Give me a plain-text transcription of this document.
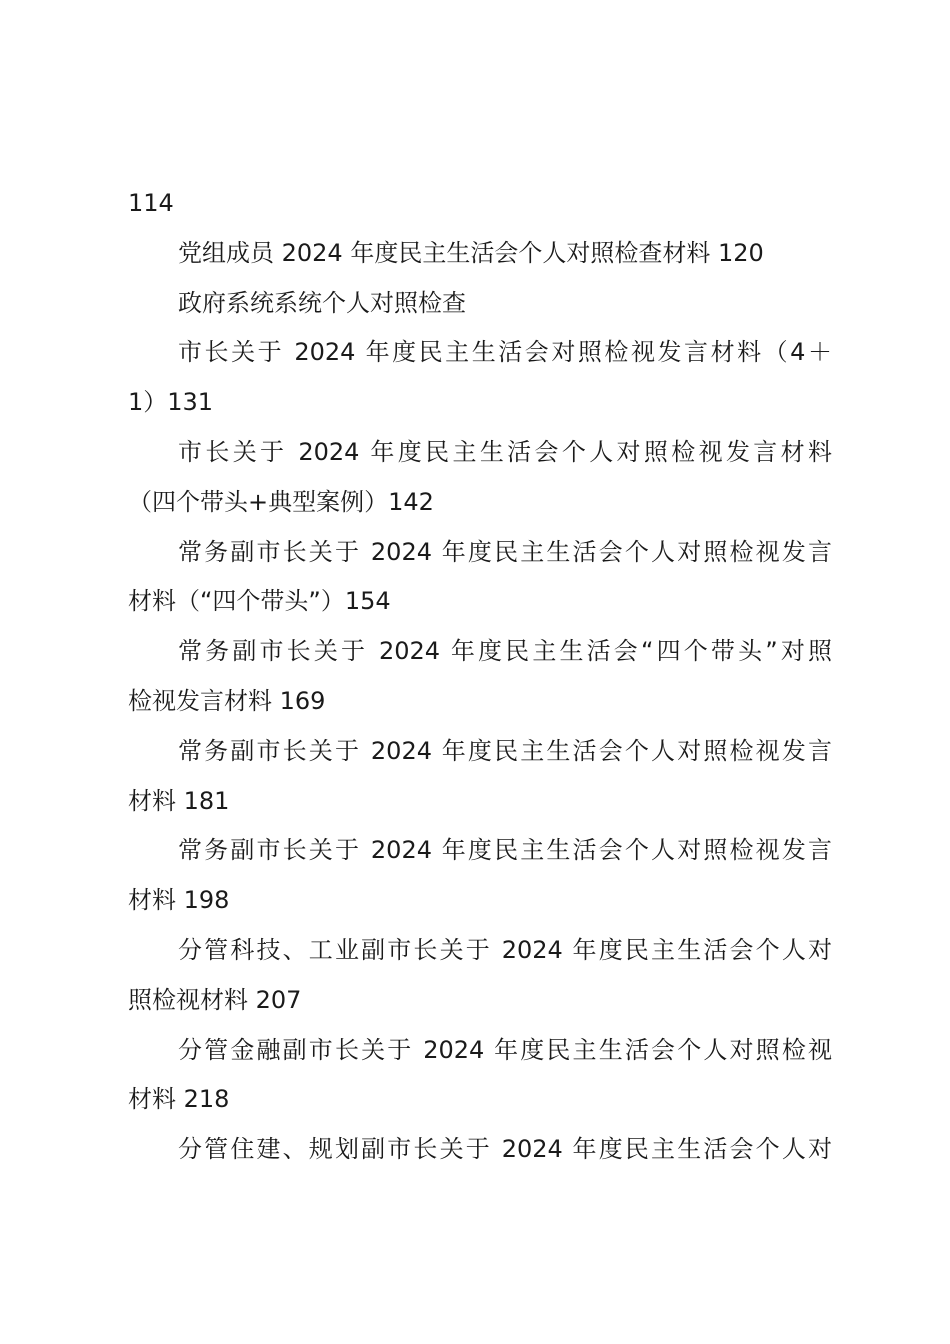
114
党组成员 2024 年度民主生活会个人对照检查材料 120
政府系统系统个人对照检查
市长关于 2024 年度民主生活会对照检视发言材料（4＋
1）131
市长关于 2024 年度民主生活会个人对照检视发言材料
（四个带头+典型案例）142
常务副市长关于 2024 年度民主生活会个人对照检视发言
材料（“四个带头”）154
常务副市长关于 2024 年度民主生活会“四个带头”对照
检视发言材料 169
常务副市长关于 2024 年度民主生活会个人对照检视发言
材料 181
常务副市长关于 2024 年度民主生活会个人对照检视发言
材料 198
分管科技、工业副市长关于 2024 年度民主生活会个人对
照检视材料 207
分管金融副市长关于 2024 年度民主生活会个人对照检视
材料 218
分管住建、规划副市长关于 2024 年度民主生活会个人对
